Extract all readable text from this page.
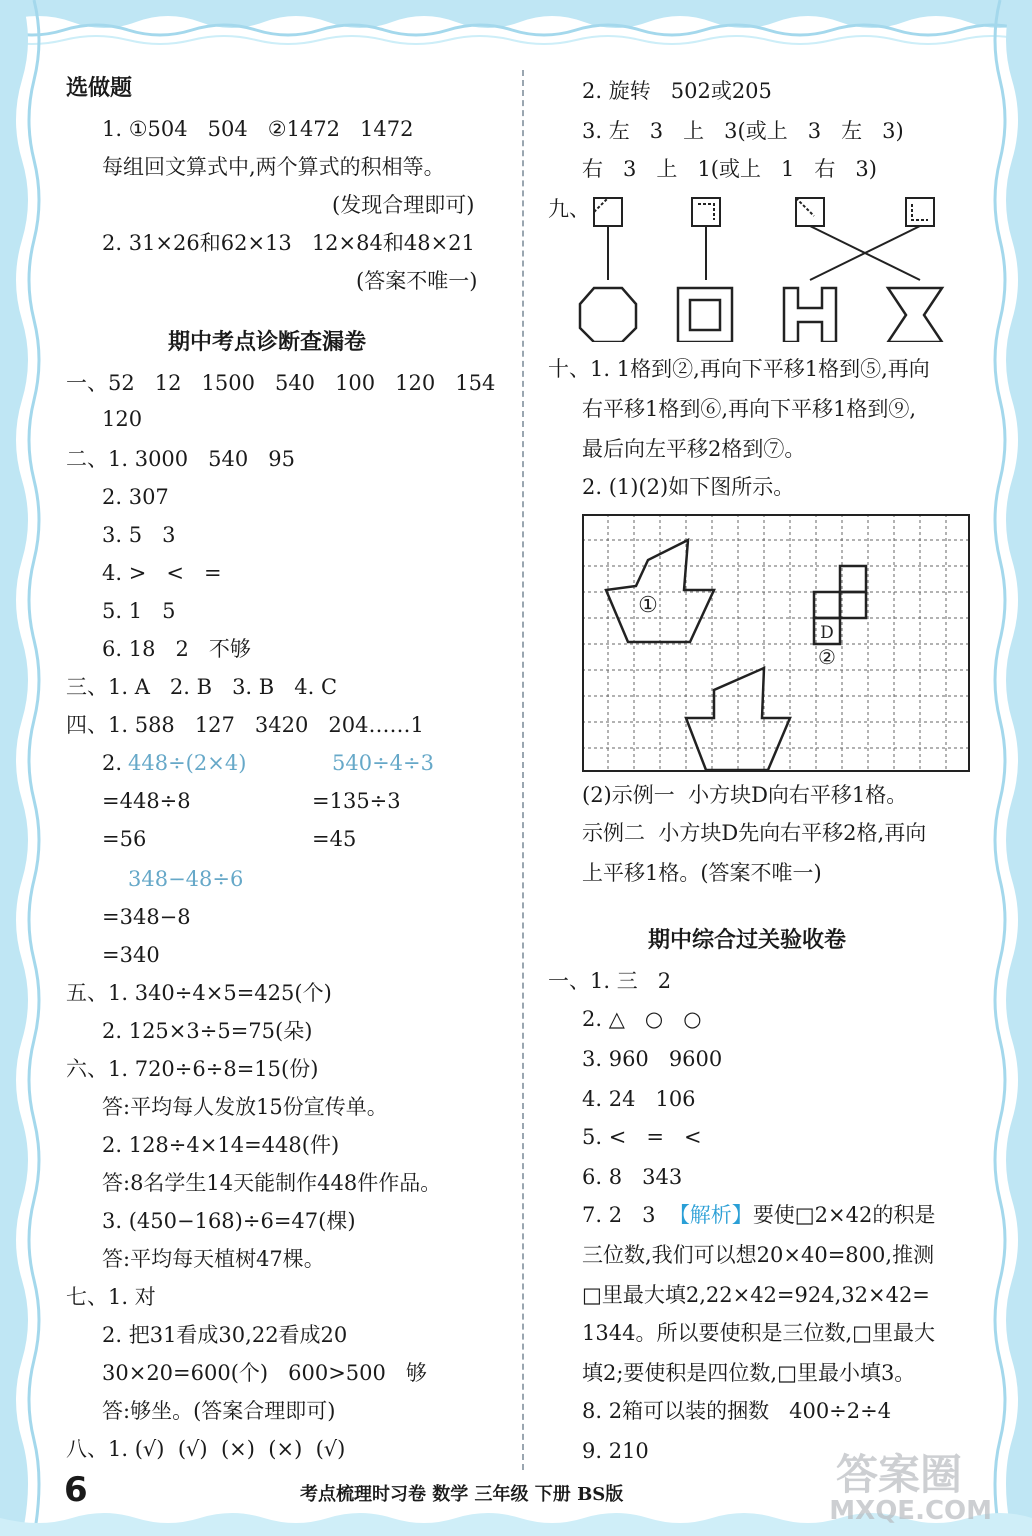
选做题
1. ①504   504   ②1472   1472
每组回文算式中,两个算式的积相等。
(发现合理即可)
2. 31×26和62×13   12×84和48×21
(答案不唯一)
期中考点诊断查漏卷
一、52   12   1500   540   100   120   154
120
二、1. 3000   540   95
2. 307
3. 5   3
4. >   <   =
5. 1   5
6. 18   2   不够
三、1. A   2. B   3. B   4. C
四、1. 588   127   3420   204……1
2. 448÷(2×4)	540÷4÷3
=448÷8	=135÷3
=56	=45
348−48÷6
=348−8
=340
五、1. 340÷4×5=425(个)
2. 125×3÷5=75(朵)
六、1. 720÷6÷8=15(份)
答:平均每人发放15份宣传单。
2. 128÷4×14=448(件)
答:8名学生14天能制作448件作品。
3. (450−168)÷6=47(棵)
答:平均每天植树47棵。
七、1. 对
2. 把31看成30,22看成20
30×20=600(个)   600>500   够
答:够坐。(答案合理即可)
八、1. (√)  (√)  (×)  (×)  (√)
2. 旋转   502或205
3. 左   3   上   3(或上   3   左   3)
右   3   上   1(或上   1   右   3)
九、
十、1. 1格到②,再向下平移1格到⑤,再向
右平移1格到⑥,再向下平移1格到⑨,
最后向左平移2格到⑦。
2. (1)(2)如下图所示。
①
D
②
(2)示例一  小方块D向右平移1格。
示例二  小方块D先向右平移2格,再向
上平移1格。(答案不唯一)
期中综合过关验收卷
一、1. 三   2
2. △   ○   ○
3. 960   9600
4. 24   106
5. <   =   <
6. 8   343
7. 2   3  【解析】要使□2×42的积是
三位数,我们可以想20×40=800,推测
□里最大填2,22×42=924,32×42=
1344。所以要使积是三位数,□里最大
填2;要使积是四位数,□里最小填3。
8. 2箱可以装的捆数   400÷2÷4
9. 210
6	考点梳理时习卷 数学 三年级 下册 BS版	答案圈
MXQE.COM
